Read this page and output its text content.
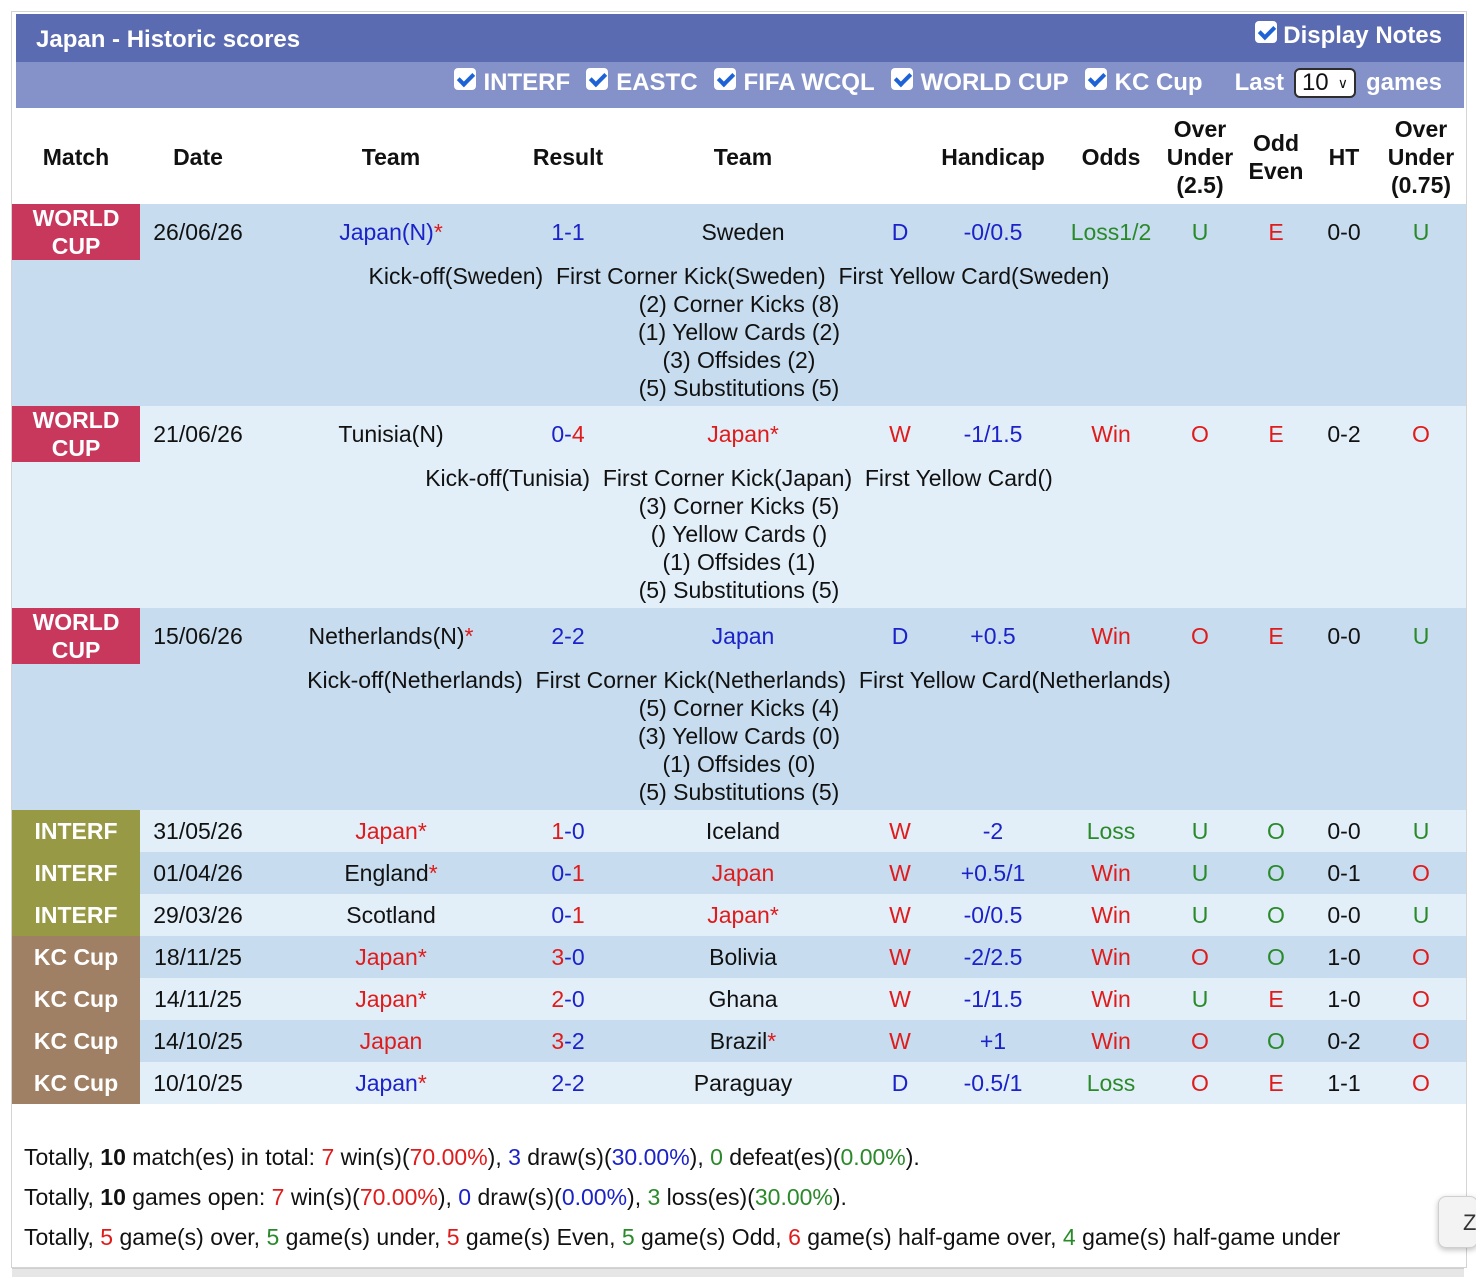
Japan - Historic scores	Display Notes
INTERF EASTC FIFA WCQL WORLD CUP KC Cup Last 10 ∨ games
Match	Date	Team	Result	Team		Handicap	Odds	Over
Under
(2.5)	Odd
Even	HT	Over
Under
(0.75)
WORLD
CUP	26/06/26	Japan(N)*	1-1	Sweden	D	-0/0.5	Loss1/2	U	E	0-0	U

Kick-off(Sweden)  First Corner Kick(Sweden)  First Yellow Card(Sweden)
(2) Corner Kicks (8)
(1) Yellow Cards (2)
(3) Offsides (2)
(5) Substitutions (5)											

WORLD
CUP	21/06/26	Tunisia(N)	0-4	Japan*	W	-1/1.5	Win	O	E	0-2	O

Kick-off(Tunisia)  First Corner Kick(Japan)  First Yellow Card()
(3) Corner Kicks (5)
() Yellow Cards ()
(1) Offsides (1)
(5) Substitutions (5)											

WORLD
CUP	15/06/26	Netherlands(N)*	2-2	Japan	D	+0.5	Win	O	E	0-0	U

Kick-off(Netherlands)  First Corner Kick(Netherlands)  First Yellow Card(Netherlands)
(5) Corner Kicks (4)
(3) Yellow Cards (0)
(1) Offsides (0)
(5) Substitutions (5)											

INTERF	31/05/26	Japan*	1-0	Iceland	W	-2	Loss	U	O	0-0	U
INTERF	01/04/26	England*	0-1	Japan	W	+0.5/1	Win	U	O	0-1	O
INTERF	29/03/26	Scotland	0-1	Japan*	W	-0/0.5	Win	U	O	0-0	U
KC Cup	18/11/25	Japan*	3-0	Bolivia	W	-2/2.5	Win	O	O	1-0	O
KC Cup	14/11/25	Japan*	2-0	Ghana	W	-1/1.5	Win	U	E	1-0	O
KC Cup	14/10/25	Japan	3-2	Brazil*	W	+1	Win	O	O	0-2	O
KC Cup	10/10/25	Japan*	2-2	Paraguay	D	-0.5/1	Loss	O	E	1-1	O
Totally, 10 match(es) in total: 7 win(s)(70.00%), 3 draw(s)(30.00%), 0 defeat(es)(0.00%).
Totally, 10 games open: 7 win(s)(70.00%), 0 draw(s)(0.00%), 3 loss(es)(30.00%).
Totally, 5 game(s) over, 5 game(s) under, 5 game(s) Even, 5 game(s) Odd, 6 game(s) half-game over, 4 game(s) half-game under
Z
